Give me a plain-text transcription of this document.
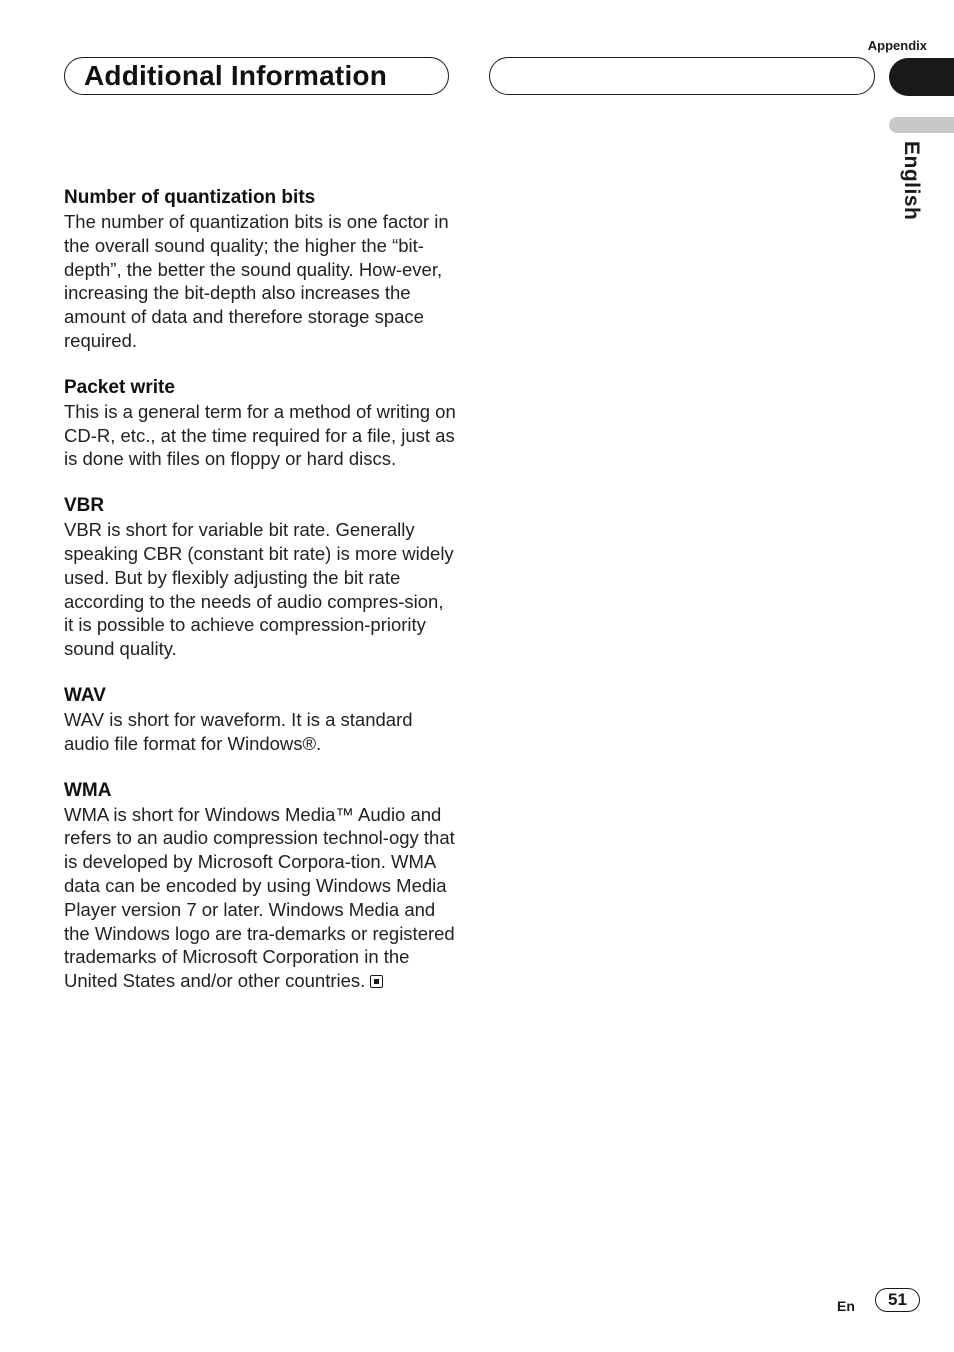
Appendix
Additional Information
English
Number of quantization bits
The number of quantization bits is one factor in the overall sound quality; the higher the “bit-depth”, the better the sound quality. How-ever, increasing the bit-depth also increases the amount of data and therefore storage space required.
Packet write
This is a general term for a method of writing on CD-R, etc., at the time required for a file, just as is done with files on floppy or hard discs.
VBR
VBR is short for variable bit rate. Generally speaking CBR (constant bit rate) is more widely used. But by flexibly adjusting the bit rate according to the needs of audio compres-sion, it is possible to achieve compression-priority sound quality.
WAV
WAV is short for waveform. It is a standard audio file format for Windows®.
WMA
WMA is short for Windows Media™ Audio and refers to an audio compression technol-ogy that is developed by Microsoft Corpora-tion. WMA data can be encoded by using Windows Media Player version 7 or later. Windows Media and the Windows logo are tra-demarks or registered trademarks of Microsoft Corporation in the United States and/or other countries.
En	51
